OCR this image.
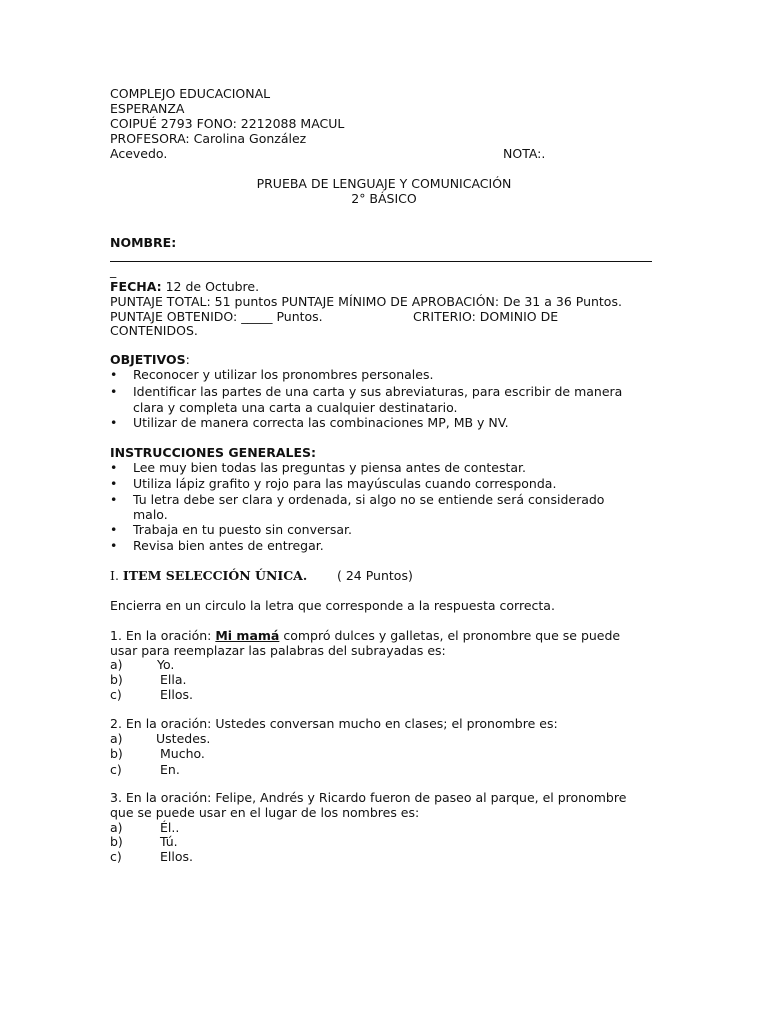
COMPLEJO EDUCACIONAL
ESPERANZA
COIPUÉ 2793 FONO: 2212088 MACUL
PROFESORA: Carolina González
Acevedo.	NOTA:.
PRUEBA DE LENGUAJE Y COMUNICACIÓN
2° BÁSICO
NOMBRE:
_
FECHA: 12 de Octubre.
PUNTAJE TOTAL: 51 puntos PUNTAJE MÍNIMO DE APROBACIÓN: De 31 a 36 Puntos.
PUNTAJE OBTENIDO: _____ Puntos.	CRITERIO: DOMINIO DE
CONTENIDOS.
OBJETIVOS:
• Reconocer y utilizar los pronombres personales.
• Identificar las partes de una carta y sus abreviaturas, para escribir de manera
clara y completa una carta a cualquier destinatario.
• Utilizar de manera correcta las combinaciones MP, MB y NV.
INSTRUCCIONES GENERALES:
• Lee muy bien todas las preguntas y piensa antes de contestar.
• Utiliza lápiz grafito y rojo para las mayúsculas cuando corresponda.
• Tu letra debe ser clara y ordenada, si algo no se entiende será considerado
malo.
• Trabaja en tu puesto sin conversar.
• Revisa bien antes de entregar.
I. ITEM SELECCIÓN ÚNICA. ( 24 Puntos)
Encierra en un circulo la letra que corresponde a la respuesta correcta.
1. En la oración: Mi mamá compró dulces y galletas, el pronombre que se puede
usar para reemplazar las palabras del subrayadas es:
a)	Yo.
b)	Ella.
c)	Ellos.
2. En la oración: Ustedes conversan mucho en clases; el pronombre es:
a)	Ustedes.
b)	Mucho.
c)	En.
3. En la oración: Felipe, Andrés y Ricardo fueron de paseo al parque, el pronombre
que se puede usar en el lugar de los nombres es:
a)	Él..
b)	Tú.
c)	Ellos.
